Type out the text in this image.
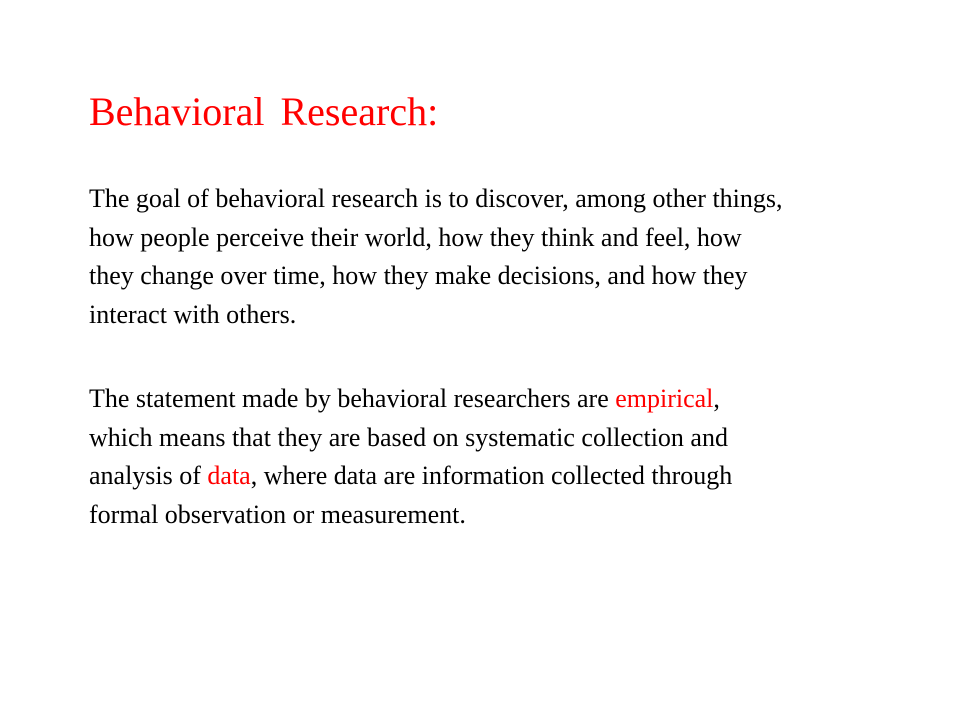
Behavioral Research:

The goal of behavioral research is to discover, among other things,
how people perceive their world, how they think and feel, how
they change over time, how they make decisions, and how they
interact with others.

The statement made by behavioral researchers are empirical,
which means that they are based on systematic collection and
analysis of data, where data are information collected through
formal observation or measurement.
